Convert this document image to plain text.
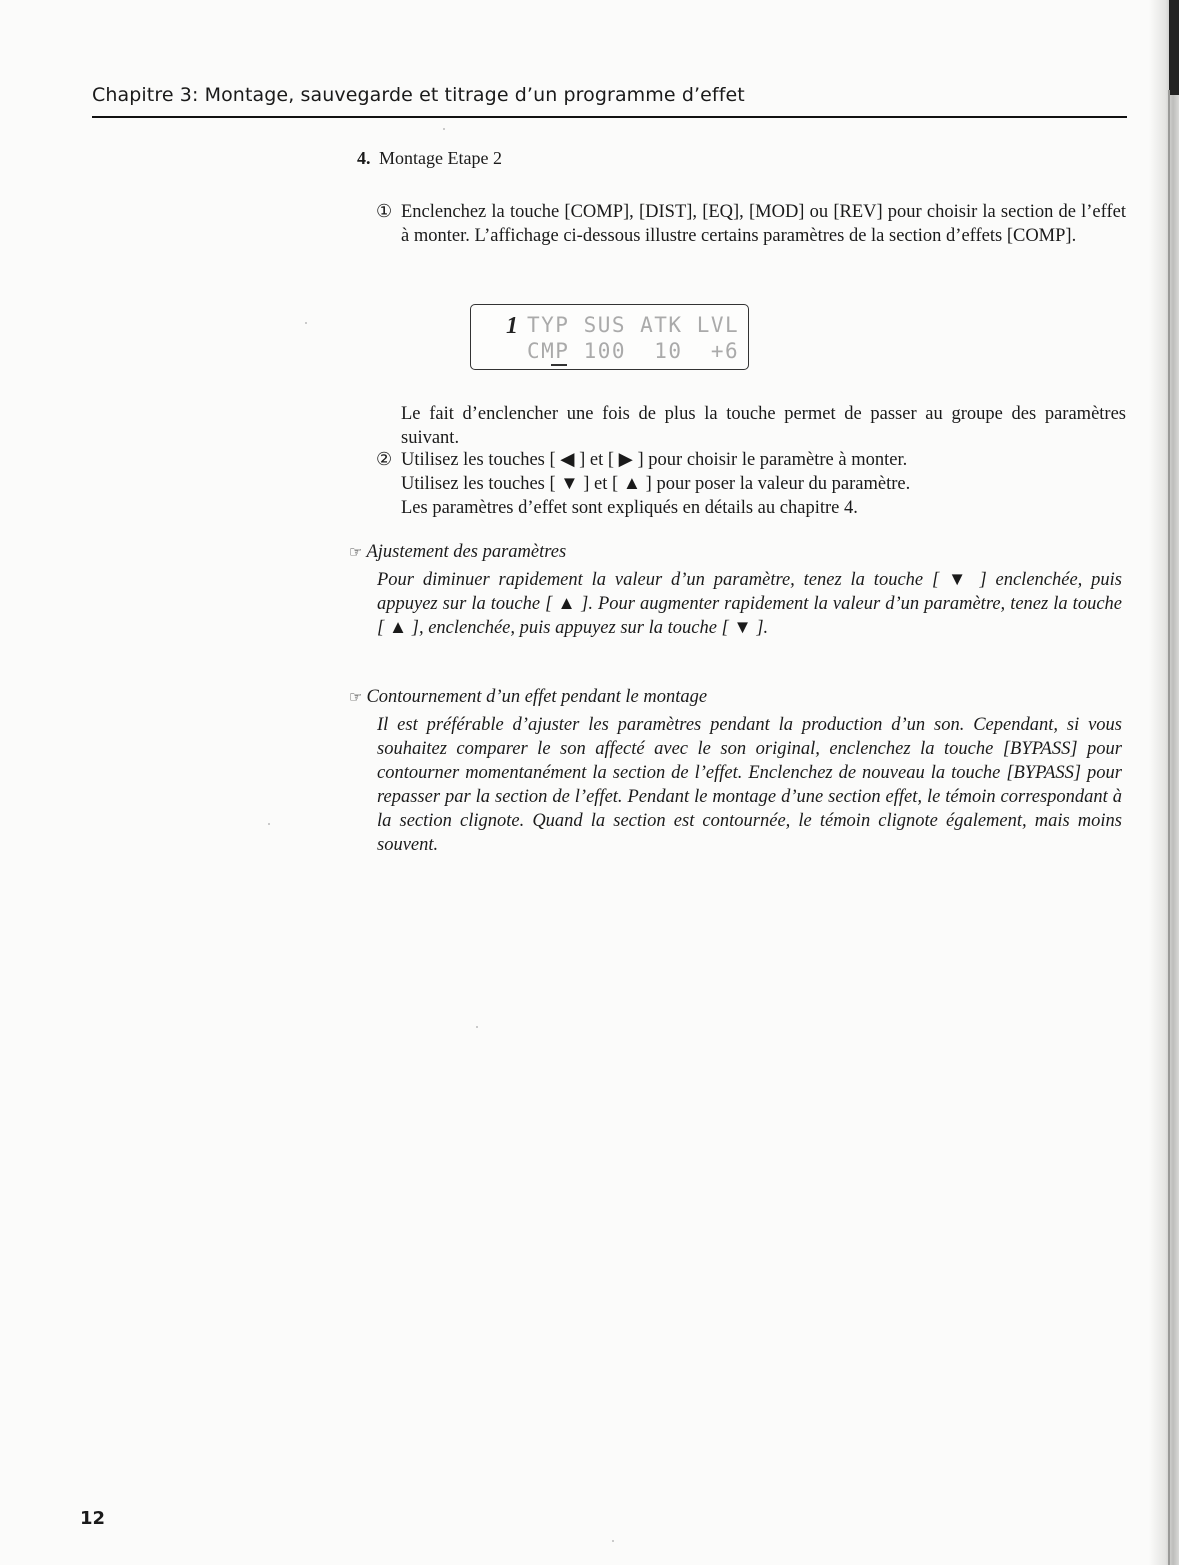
Chapitre 3: Montage, sauvegarde et titrage d’un programme d’effet
4. Montage Etape 2
① Enclenchez la touche [COMP], [DIST], [EQ], [MOD] ou [REV] pour choisir la section de l’effet à monter. L’affichage ci-dessous illustre certains paramètres de la section d’effets [COMP].
1 TYP SUS ATK LVL
CMP 100  10  +6
Le fait d’enclencher une fois de plus la touche permet de passer au groupe des paramètres suivant.
② Utilisez les touches [ ◀ ] et [ ▶ ] pour choisir le paramètre à monter.
Utilisez les touches [ ▼ ] et [ ▲ ] pour poser la valeur du paramètre.
Les paramètres d’effet sont expliqués en détails au chapitre 4.
☞ Ajustement des paramètres
Pour diminuer rapidement la valeur d’un paramètre, tenez la touche [ ▼ ] enclenchée, puis appuyez sur la touche [ ▲ ]. Pour augmenter rapidement la valeur d’un paramètre, tenez la touche [ ▲ ], enclenchée, puis appuyez sur la touche [ ▼ ].
☞ Contournement d’un effet pendant le montage
Il est préférable d’ajuster les paramètres pendant la production d’un son. Cependant, si vous souhaitez comparer le son affecté avec le son original, enclenchez la touche [BYPASS] pour contourner momentanément la section de l’effet. Enclenchez de nouveau la touche [BYPASS] pour repasser par la section de l’effet. Pendant le montage d’une section effet, le témoin correspondant à la section clignote. Quand la section est contournée, le témoin clignote également, mais moins souvent.
12
